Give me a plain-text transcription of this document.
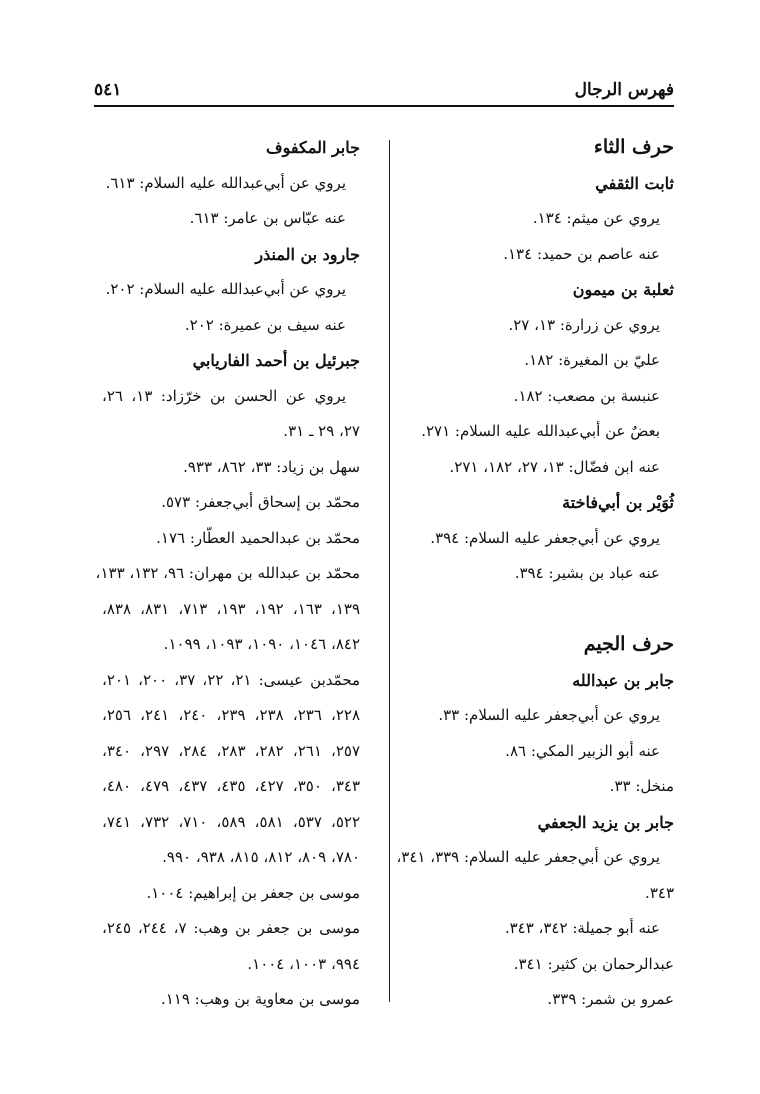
فهرس الرجال
٥٤١
حرف الثاء
ثابت الثقفي
يروي عن ميثم: ١٣٤.
عنه عاصم بن حميد: ١٣٤.
ثعلبة بن ميمون
يروي عن زرارة: ١٣، ٢٧.
عليّ بن المغيرة: ١٨٢.
عنبسة بن مصعب: ١٨٢.
بعضٌ عن أبي‌عبدالله عليه السلام: ٢٧١.
عنه ابن فضّال: ١٣، ٢٧، ١٨٢، ٢٧١.
ثُوَيْر بن أبي‌فاختة
يروي عن أبي‌جعفر عليه السلام: ٣٩٤.
عنه عباد بن بشير: ٣٩٤.
حرف الجيم
جابر بن عبدالله
يروي عن أبي‌جعفر عليه السلام: ٣٣.
عنه أبو الزبير المكي: ٨٦.
منخل: ٣٣.
جابر بن يزيد الجعفي
يروي عن أبي‌جعفر عليه السلام: ٣٣٩، ٣٤١،
٣٤٣.
عنه أبو جميلة: ٣٤٢، ٣٤٣.
عبدالرحمان بن كثير: ٣٤١.
عمرو بن شمر: ٣٣٩.
جابر المكفوف
يروي عن أبي‌عبدالله عليه السلام: ٦١٣.
عنه عبّاس بن عامر: ٦١٣.
جارود بن المنذر
يروي عن أبي‌عبدالله عليه السلام: ٢٠٢.
عنه سيف بن عميرة: ٢٠٢.
جبرئيل بن أحمد الفاريابي
يروي عن الحسن بن خرّزاد: ١٣، ٢٦،
٢٧، ٢٩ ـ ٣١.
سهل بن زياد: ٣٣، ٨٦٢، ٩٣٣.
محمّد بن إسحاق أبي‌جعفر: ٥٧٣.
محمّد بن عبدالحميد العطّار: ١٧٦.
محمّد بن عبدالله بن مهران: ٩٦، ١٣٢، ١٣٣،
١٣٩، ١٦٣، ١٩٢، ١٩٣، ٧١٣، ٨٣١، ٨٣٨،
٨٤٢، ١٠٤٦، ١٠٩٠، ١٠٩٣، ١٠٩٩.
محمّدبن عيسى: ٢١، ٢٢، ٣٧، ٢٠٠، ٢٠١،
٢٢٨، ٢٣٦، ٢٣٨، ٢٣٩، ٢٤٠، ٢٤١، ٢٥٦،
٢٥٧، ٢٦١، ٢٨٢، ٢٨٣، ٢٨٤، ٢٩٧، ٣٤٠،
٣٤٣، ٣٥٠، ٤٢٧، ٤٣٥، ٤٣٧، ٤٧٩، ٤٨٠،
٥٢٢، ٥٣٧، ٥٨١، ٥٨٩، ٧١٠، ٧٣٢، ٧٤١،
٧٨٠، ٨٠٩، ٨١٢، ٨١٥، ٩٣٨، ٩٩٠.
موسى بن جعفر بن إبراهيم: ١٠٠٤.
موسى بن جعفر بن وهب: ٧، ٢٤٤، ٢٤٥،
٩٩٤، ١٠٠٣، ١٠٠٤.
موسى بن معاوية بن وهب: ١١٩.
